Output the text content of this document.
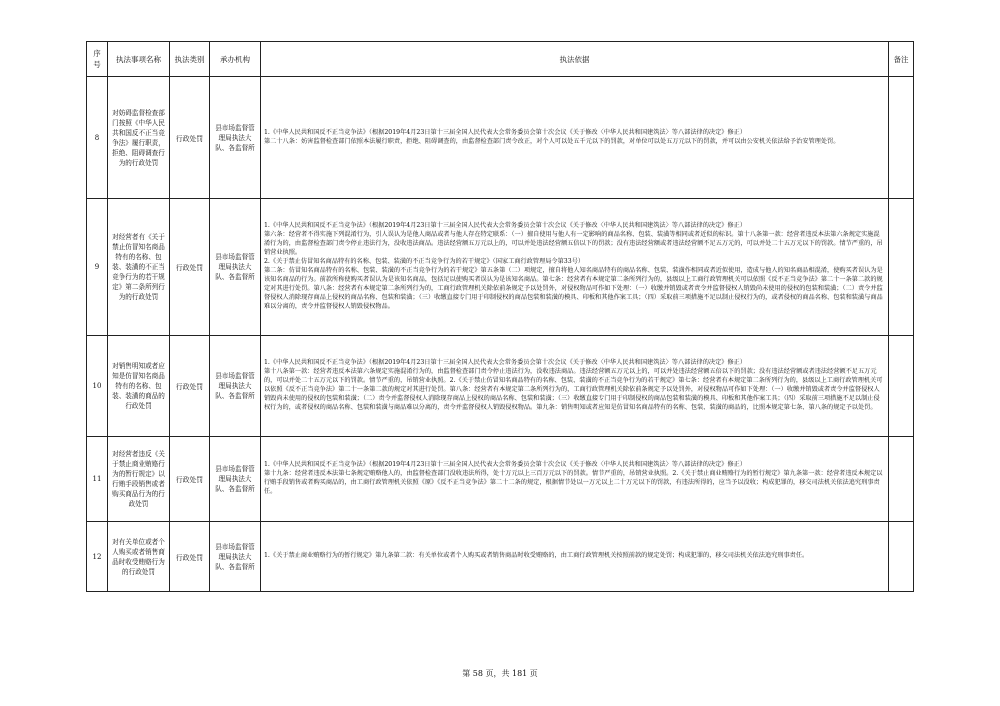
序号	执法事项名称	执法类别	承办机构	执法依据	备注
8	对妨碍监督检查部门按照《中华人民共和国反不正当竞争法》履行职责，拒绝、阻碍调查行为的行政处罚	行政处罚	县市场监督管理局执法大队、各监督所	1.《中华人民共和国反不正当竞争法》（根据2019年4月23日第十三届全国人民代表大会常务委员会第十次会议《关于修改〈中华人民共和国建筑法〉等八部法律的决定》修正）
第二十八条：妨害监督检查部门依照本法履行职责，拒绝、阻碍调查的，由监督检查部门责令改正，对个人可以处五千元以下的罚款，对单位可以处五万元以下的罚款，并可以由公安机关依法给予治安管理处罚。	

9	对经营者有《关于禁止仿冒知名商品特有的名称、包装、装潢的不正当竞争行为的若干规定》第二条所列行为的行政处罚	行政处罚	县市场监督管理局执法大队、各监督所	1.《中华人民共和国反不正当竞争法》（根据2019年4月23日第十三届全国人民代表大会常务委员会第十次会议《关于修改〈中华人民共和国建筑法〉等八部法律的决定》修正）
第六条：经营者不得实施下列混淆行为，引人误认为是他人商品或者与他人存在特定联系：（一）擅自使用与他人有一定影响的商品名称、包装、装潢等相同或者近似的标识。第十八条第一款：经营者违反本法第六条规定实施混淆行为的，由监督检查部门责令停止违法行为，没收违法商品。违法经营额五万元以上的，可以并处违法经营额五倍以下的罚款；没有违法经营额或者违法经营额不足五万元的，可以并处二十五万元以下的罚款。情节严重的，吊销营业执照。
2.《关于禁止仿冒知名商品特有的名称、包装、装潢的不正当竞争行为的若干规定》（国家工商行政管理局令第33号）
第二条：仿冒知名商品特有的名称、包装、装潢的不正当竞争行为的若干规定》第五条第（二）项规定，擅自将他人知名商品特有的商品名称、包装、装潢作相同或者近似使用，造成与他人的知名商品相混淆，使购买者误认为是该知名商品的行为。前款所称使购买者误认为是该知名商品，包括足以使购买者误认为是该知名商品。第七条：经营者有本规定第二条所列行为的，县级以上工商行政管理机关可以依照《反不正当竞争法》第二十一条第二款的规定对其进行处罚。第八条：经营者有本规定第二条所列行为的，工商行政管理机关除依前条规定予以处罚外，对侵权物品可作如下处理：（一）收缴并销毁或者责令并监督侵权人销毁尚未使用的侵权的包装和装潢；（二）责令并监督侵权人消除现存商品上侵权的商品名称、包装和装潢；（三）收缴直接专门用于印制侵权的商品包装和装潢的模具、印板和其他作案工具；（四）采取前三项措施不足以制止侵权行为的，或者侵权的商品名称、包装和装潢与商品难以分离的，责令并监督侵权人销毁侵权物品。	

10	对销售明知或者应知是仿冒知名商品特有的名称、包装、装潢的商品的行政处罚	行政处罚	县市场监督管理局执法大队、各监督所	1.《中华人民共和国反不正当竞争法》（根据2019年4月23日第十三届全国人民代表大会常务委员会第十次会议《关于修改〈中华人民共和国建筑法〉等八部法律的决定》修正）
第十八条第一款：经营者违反本法第六条规定实施混淆行为的，由监督检查部门责令停止违法行为，没收违法商品。违法经营额五万元以上的，可以并处违法经营额五倍以下的罚款；没有违法经营额或者违法经营额不足五万元的，可以并处二十五万元以下的罚款。情节严重的，吊销营业执照。2.《关于禁止仿冒知名商品特有的名称、包装、装潢的不正当竞争行为的若干规定》第七条：经营者有本规定第二条所列行为的，县级以上工商行政管理机关可以依照《反不正当竞争法》第二十一条第二款的规定对其进行处罚。第八条：经营者有本规定第二条所列行为的，工商行政管理机关除依前条规定予以处罚外，对侵权物品可作如下处理：（一）收缴并销毁或者责令并监督侵权人销毁尚未使用的侵权的包装和装潢；（二）责令并监督侵权人消除现存商品上侵权的商品名称、包装和装潢；（三）收缴直接专门用于印制侵权的商品包装和装潢的模具、印板和其他作案工具；（四）采取前三项措施不足以制止侵权行为的，或者侵权的商品名称、包装和装潢与商品难以分离的，责令并监督侵权人销毁侵权物品。第九条：销售明知或者应知是仿冒知名商品特有的名称、包装、装潢的商品的，比照本规定第七条、第八条的规定予以处罚。	

11	对经营者违反《关于禁止商业贿赂行为的暂行规定》以行贿手段销售或者购买商品行为的行政处罚	行政处罚	县市场监督管理局执法大队、各监督所	1.《中华人民共和国反不正当竞争法》（根据2019年4月23日第十三届全国人民代表大会常务委员会第十次会议《关于修改〈中华人民共和国建筑法〉等八部法律的决定》修正）
第十九条：经营者违反本法第七条规定贿赂他人的，由监督检查部门没收违法所得，处十万元以上三百万元以下的罚款。情节严重的，吊销营业执照。2.《关于禁止商业贿赂行为的暂行规定》第九条第一款：经营者违反本规定以行贿手段销售或者购买商品的，由工商行政管理机关依照《原》《反不正当竞争法》第二十二条的规定，根据情节处以一万元以上二十万元以下的罚款，有违法所得的，应当予以没收；构成犯罪的，移交司法机关依法追究刑事责任。	

12	对有关单位或者个人购买或者销售商品时收受贿赂行为的行政处罚	行政处罚	县市场监督管理局执法大队、各监督所	1.《关于禁止商业贿赂行为的暂行规定》第九条第二款：有关单位或者个人购买或者销售商品时收受贿赂的，由工商行政管理机关按照前款的规定处罚；构成犯罪的，移交司法机关依法追究刑事责任。	

第 58 页，共 181 页
